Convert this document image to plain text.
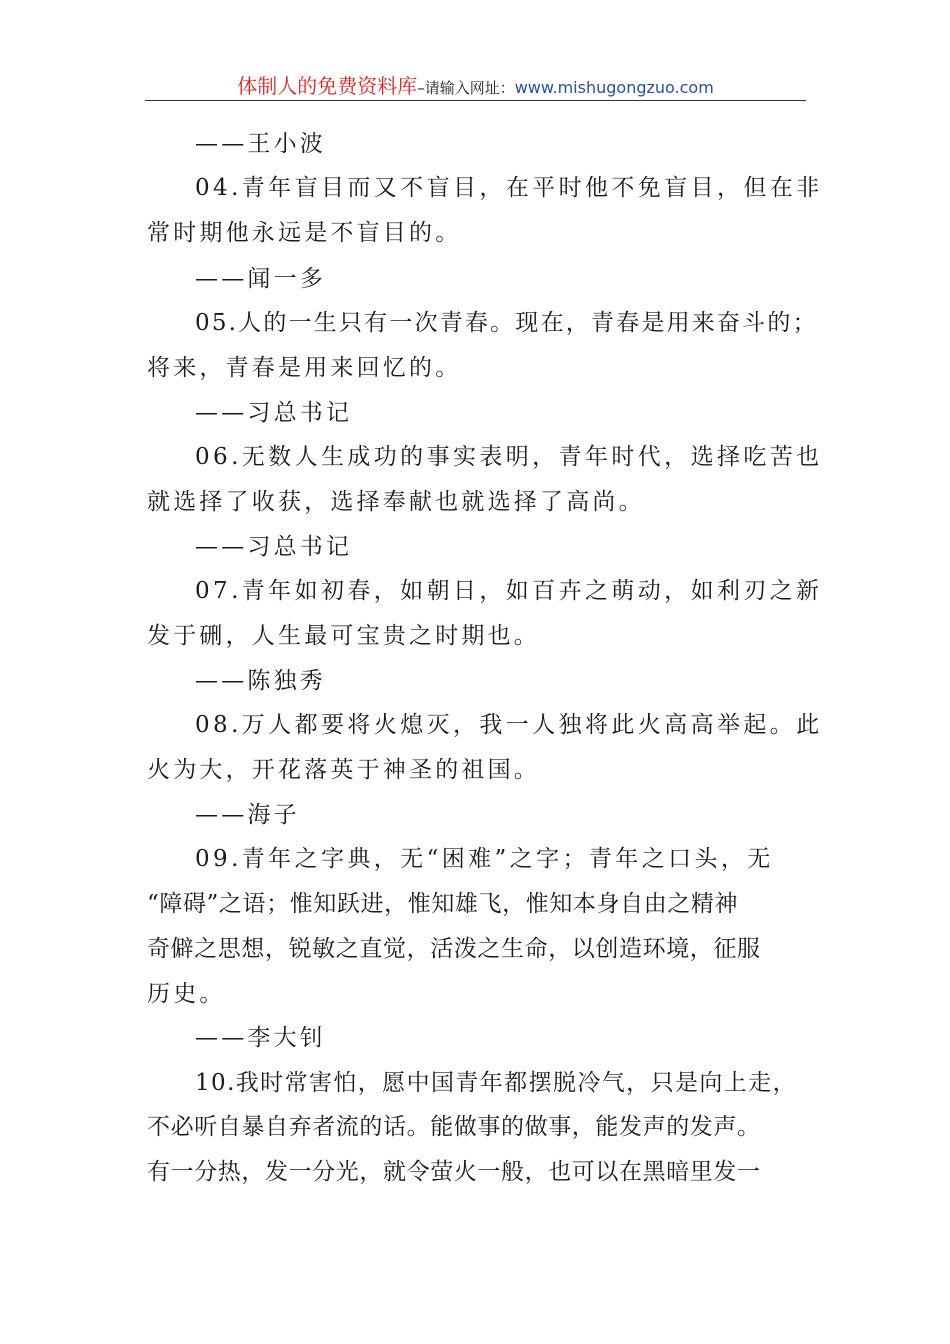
体制人的免费资料库–请输入网址：www.mishugongzuo.com
——王小波
04.青年盲目而又不盲目，在平时他不免盲目，但在非
常时期他永远是不盲目的。
——闻一多
05.人的一生只有一次青春。现在，青春是用来奋斗的；
将来，青春是用来回忆的。
——习总书记
06.无数人生成功的事实表明，青年时代，选择吃苦也
就选择了收获，选择奉献也就选择了高尚。
——习总书记
07.青年如初春，如朝日，如百卉之萌动，如利刃之新
发于硎，人生最可宝贵之时期也。
——陈独秀
08.万人都要将火熄灭，我一人独将此火高高举起。此
火为大，开花落英于神圣的祖国。
——海子
09.青年之字典，无“困难”之字；青年之口头，无
“障碍”之语；惟知跃进，惟知雄飞，惟知本身自由之精神
奇僻之思想，锐敏之直觉，活泼之生命，以创造环境，征服
历史。
——李大钊
10.我时常害怕，愿中国青年都摆脱冷气，只是向上走，
不必听自暴自弃者流的话。能做事的做事，能发声的发声。
有一分热，发一分光，就令萤火一般，也可以在黑暗里发一
